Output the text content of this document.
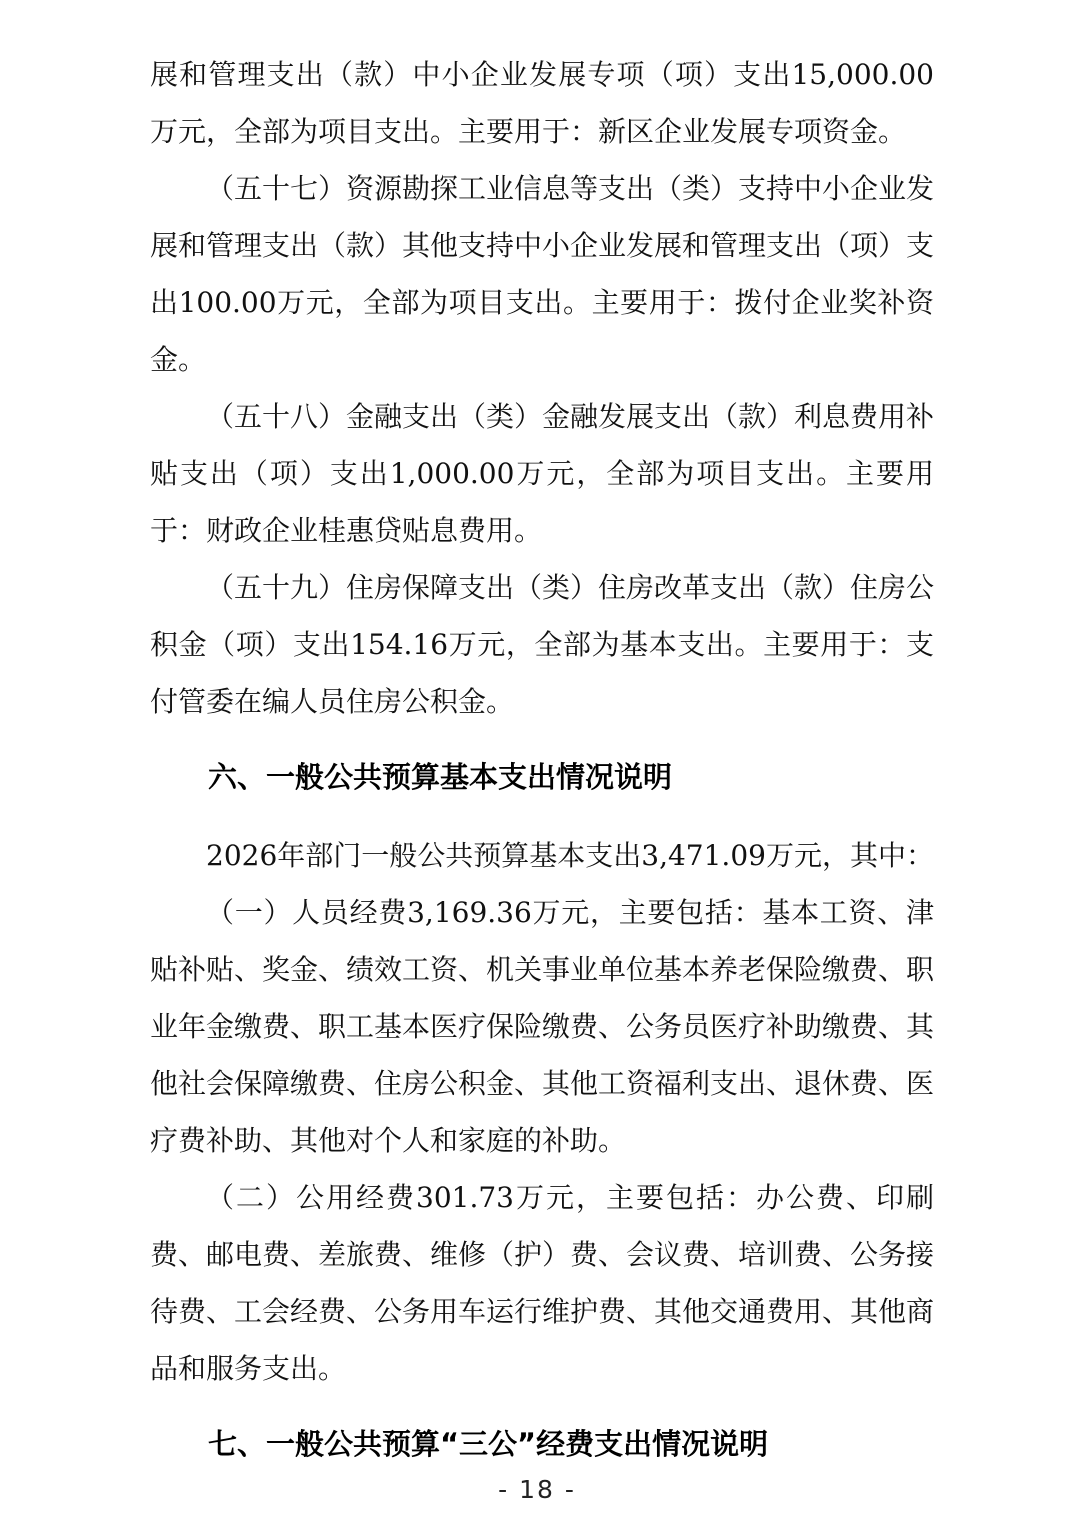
展和管理支出（款）中小企业发展专项（项）支出15,000.00万元，全部为项目支出。主要用于：新区企业发展专项资金。

（五十七）资源勘探工业信息等支出（类）支持中小企业发展和管理支出（款）其他支持中小企业发展和管理支出（项）支出100.00万元，全部为项目支出。主要用于：拨付企业奖补资金。

（五十八）金融支出（类）金融发展支出（款）利息费用补贴支出（项）支出1,000.00万元，全部为项目支出。主要用于：财政企业桂惠贷贴息费用。

（五十九）住房保障支出（类）住房改革支出（款）住房公积金（项）支出154.16万元，全部为基本支出。主要用于：支付管委在编人员住房公积金。

六、一般公共预算基本支出情况说明

2026年部门一般公共预算基本支出3,471.09万元，其中：

（一）人员经费3,169.36万元，主要包括：基本工资、津贴补贴、奖金、绩效工资、机关事业单位基本养老保险缴费、职业年金缴费、职工基本医疗保险缴费、公务员医疗补助缴费、其他社会保障缴费、住房公积金、其他工资福利支出、退休费、医疗费补助、其他对个人和家庭的补助。

（二）公用经费301.73万元，主要包括：办公费、印刷费、邮电费、差旅费、维修（护）费、会议费、培训费、公务接待费、工会经费、公务用车运行维护费、其他交通费用、其他商品和服务支出。

七、一般公共预算“三公”经费支出情况说明
- 18 -
